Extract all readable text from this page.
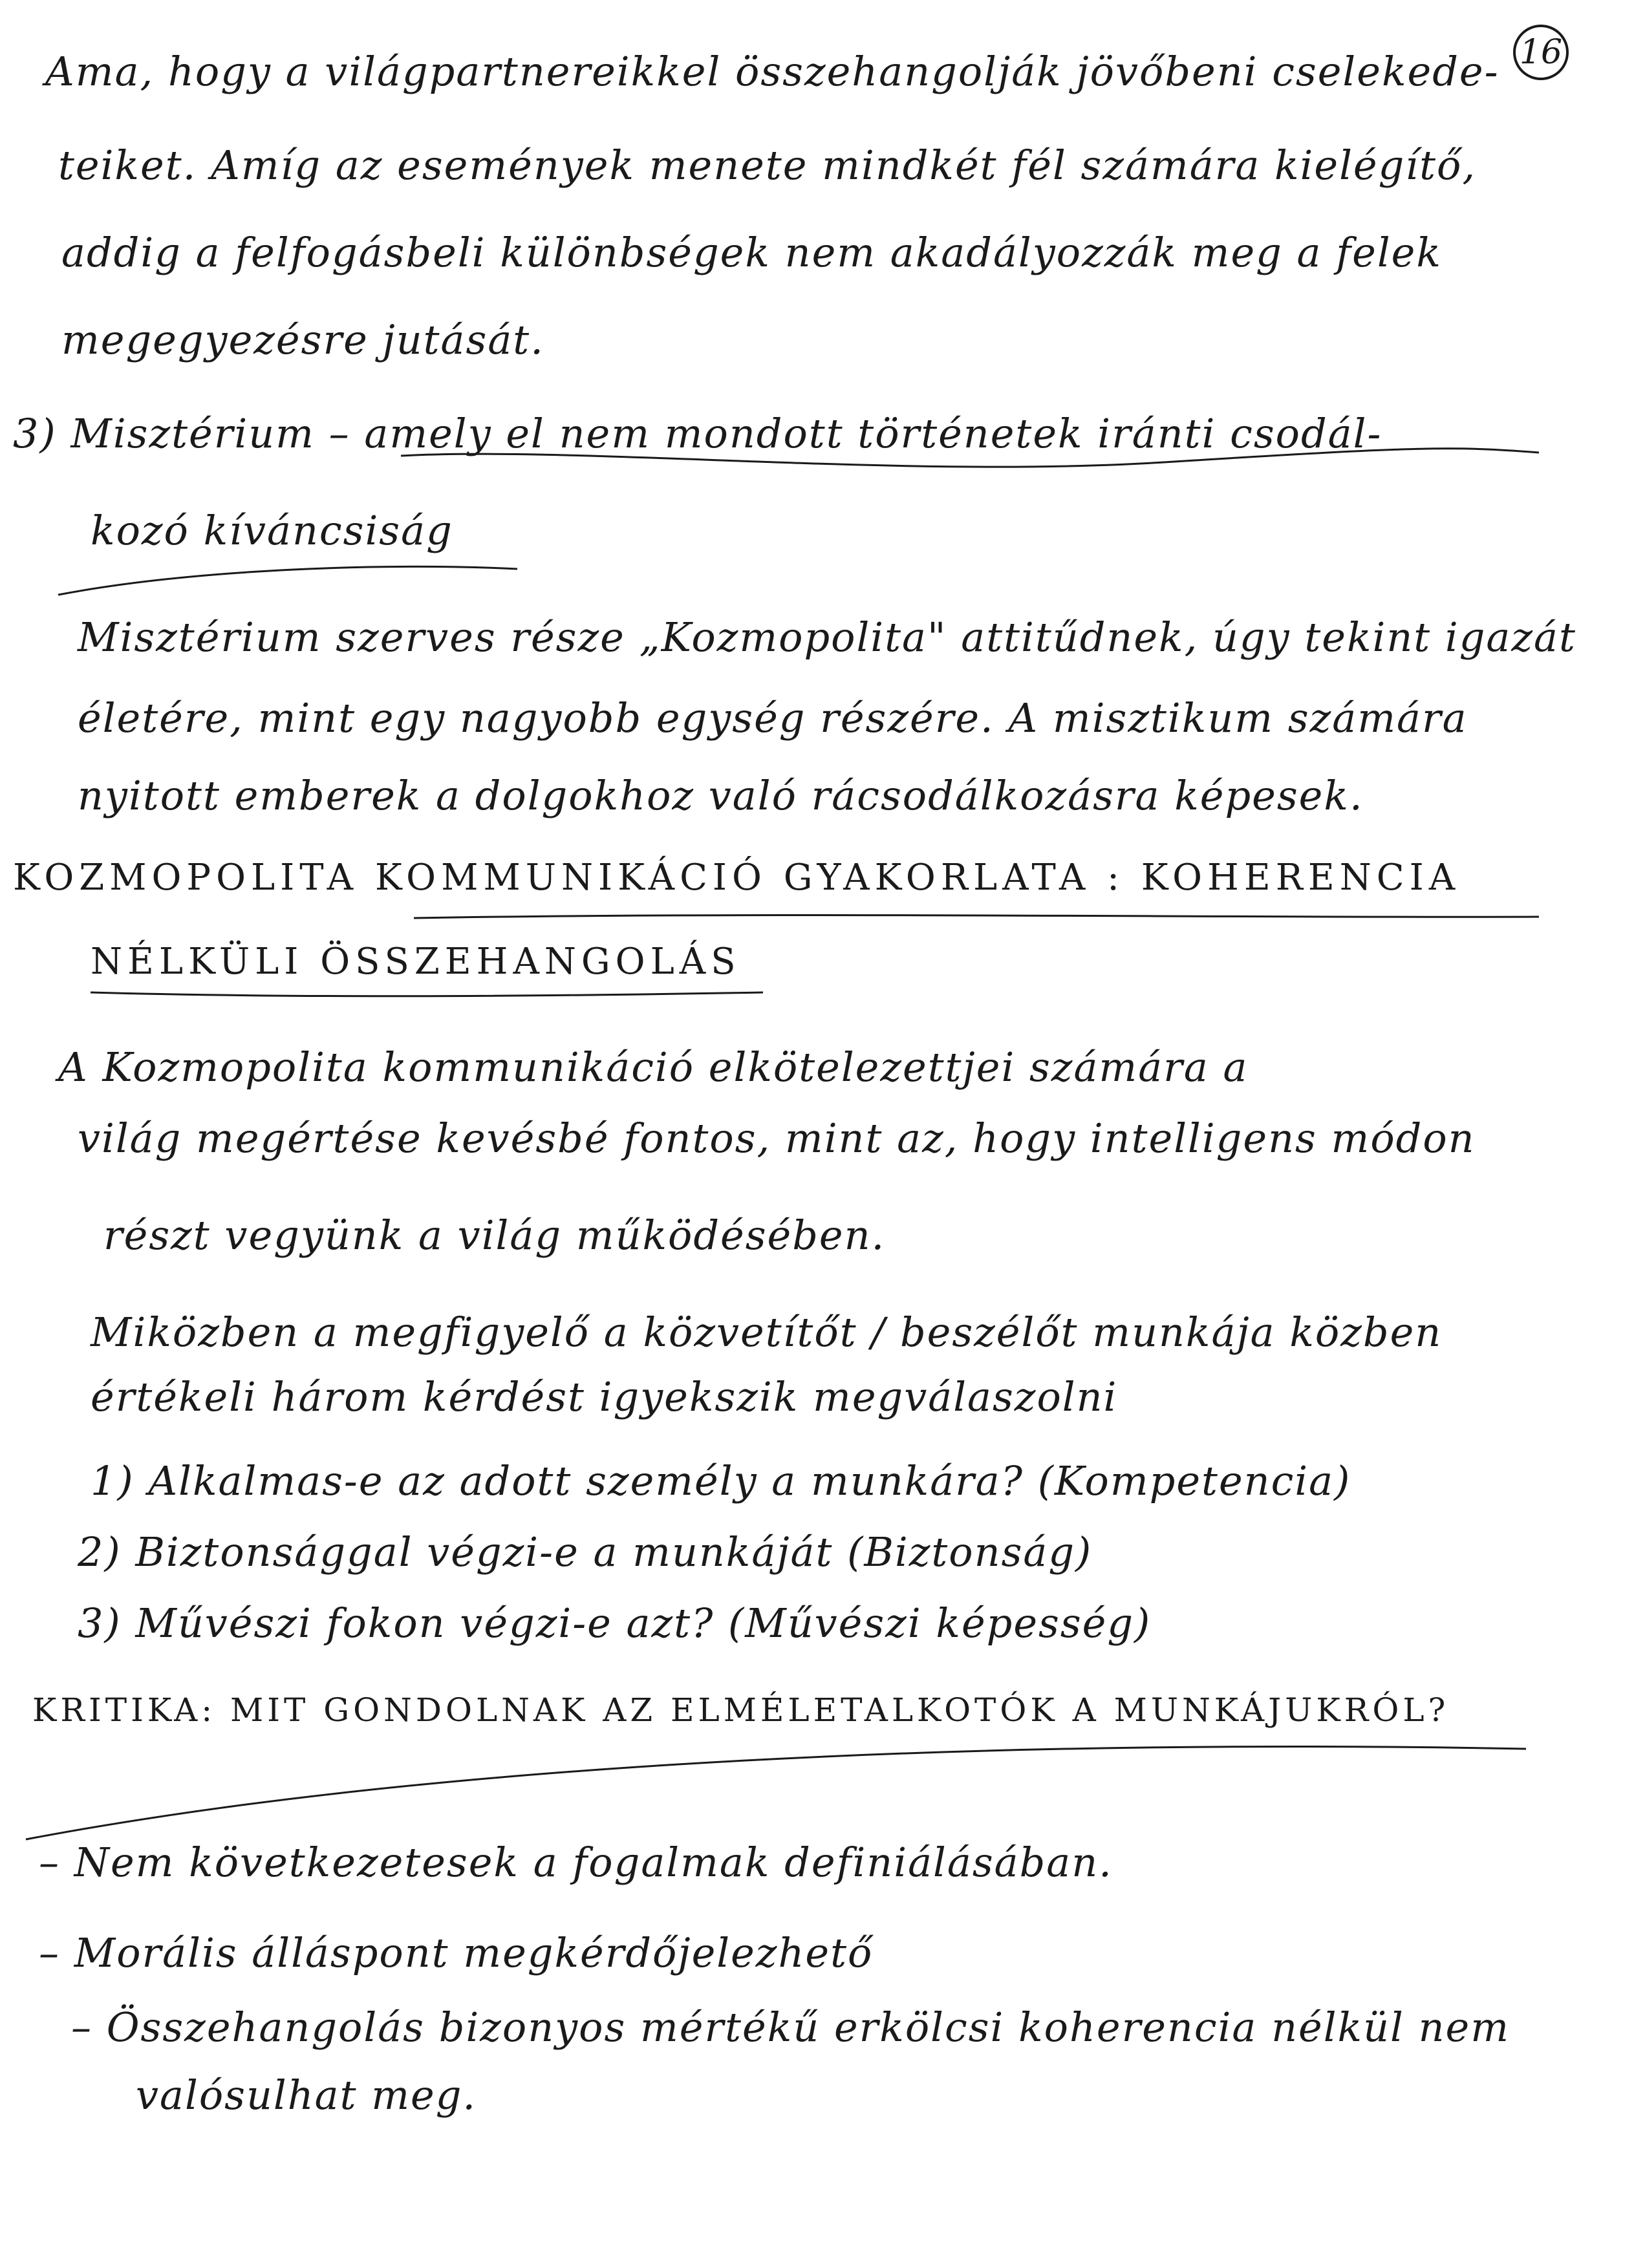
16
Ama, hogy a világpartnereikkel összehangolják jövőbeni cselekede-
teiket. Amíg az események menete mindkét fél számára kielégítő,
addig a felfogásbeli különbségek nem akadályozzák meg a felek
megegyezésre jutását.
3) Misztérium – amely el nem mondott történetek iránti csodál-
kozó kíváncsiság
Misztérium szerves része „Kozmopolita" attitűdnek, úgy tekint igazát
életére, mint egy nagyobb egység részére. A misztikum számára
nyitott emberek a dolgokhoz való rácsodálkozásra képesek.
KOZMOPOLITA KOMMUNIKÁCIÓ GYAKORLATA : KOHERENCIA
NÉLKÜLI ÖSSZEHANGOLÁS
A Kozmopolita kommunikáció elkötelezettjei számára a
világ megértése kevésbé fontos, mint az, hogy intelligens módon
részt vegyünk a világ működésében.
Miközben a megfigyelő a közvetítőt / beszélőt munkája közben
értékeli három kérdést igyekszik megválaszolni
1) Alkalmas-e az adott személy a munkára? (Kompetencia)
2) Biztonsággal végzi-e a munkáját (Biztonság)
3) Művészi fokon végzi-e azt? (Művészi képesség)
KRITIKA: MIT GONDOLNAK AZ ELMÉLETALKOTÓK A MUNKÁJUKRÓL?
– Nem következetesek a fogalmak definiálásában.
– Morális álláspont megkérdőjelezhető
– Összehangolás bizonyos mértékű erkölcsi koherencia nélkül nem
valósulhat meg.
